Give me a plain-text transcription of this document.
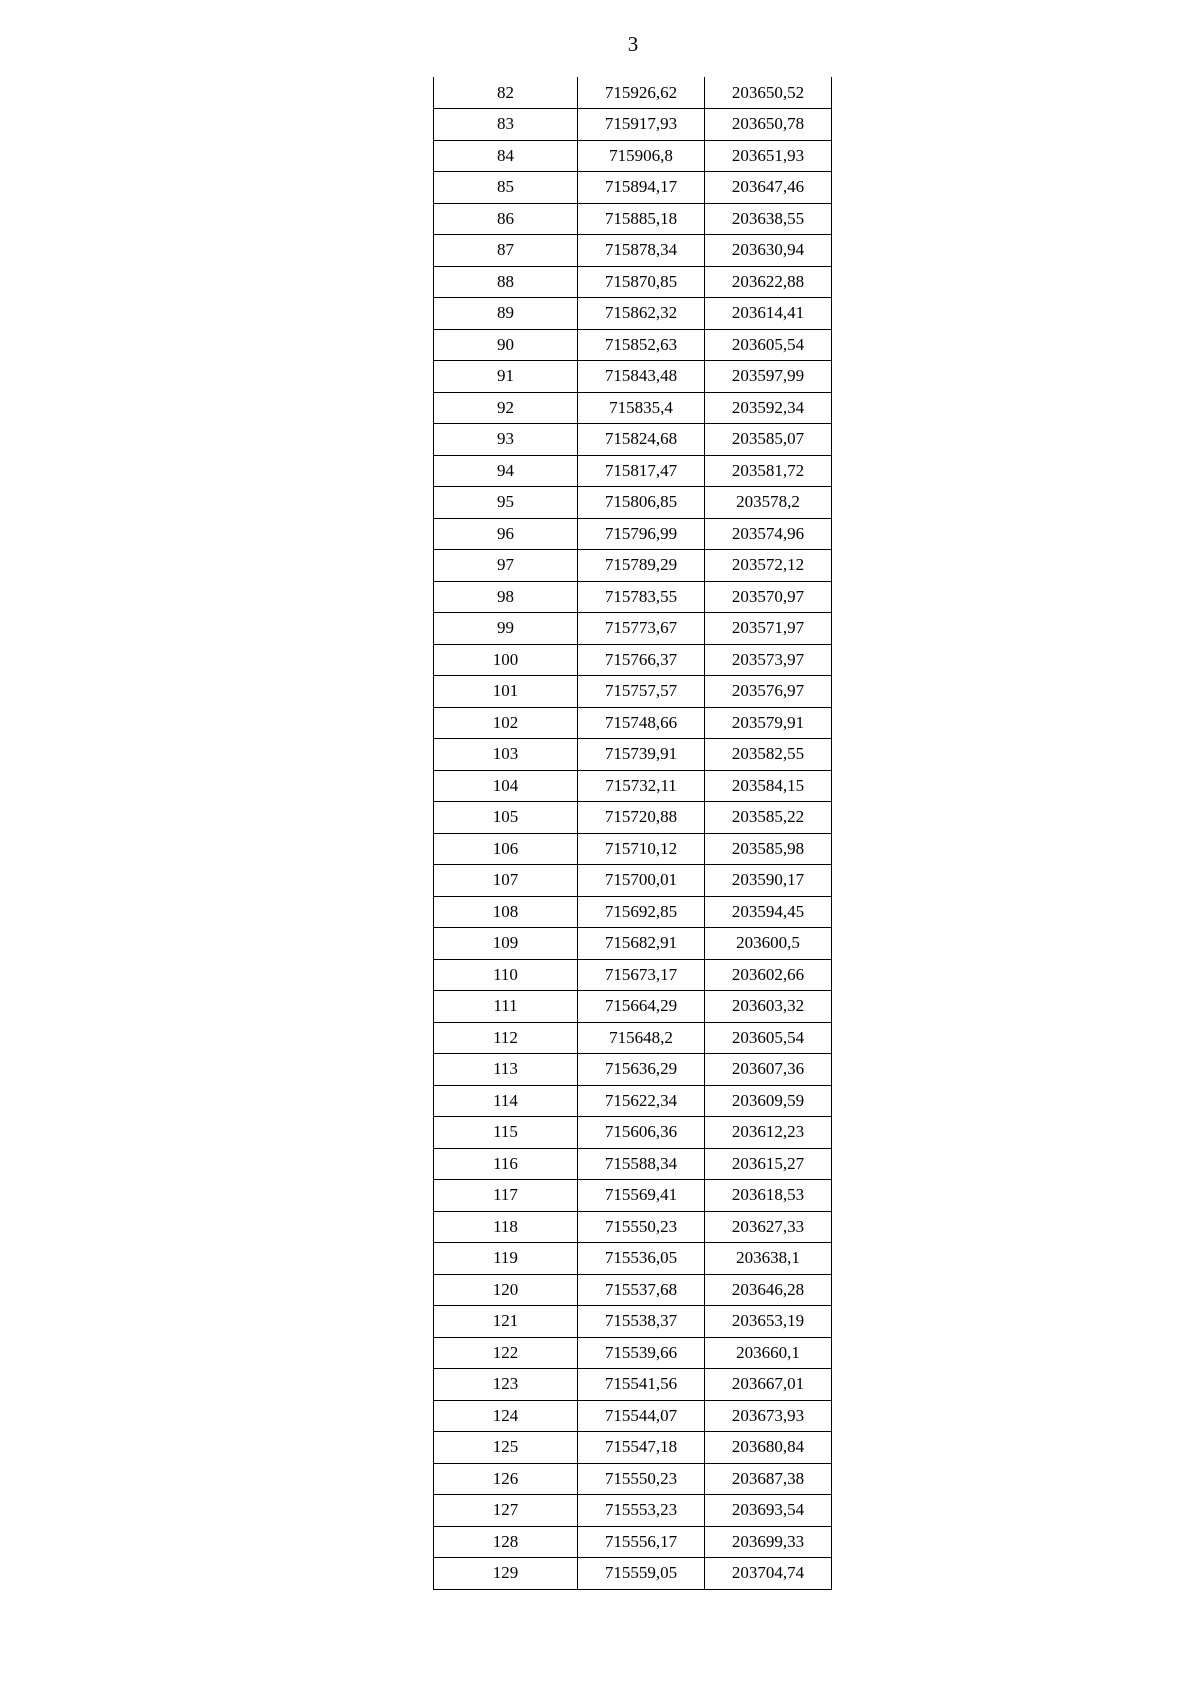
3
82	715926,62	203650,52
83	715917,93	203650,78
84	715906,8	203651,93
85	715894,17	203647,46
86	715885,18	203638,55
87	715878,34	203630,94
88	715870,85	203622,88
89	715862,32	203614,41
90	715852,63	203605,54
91	715843,48	203597,99
92	715835,4	203592,34
93	715824,68	203585,07
94	715817,47	203581,72
95	715806,85	203578,2
96	715796,99	203574,96
97	715789,29	203572,12
98	715783,55	203570,97
99	715773,67	203571,97
100	715766,37	203573,97
101	715757,57	203576,97
102	715748,66	203579,91
103	715739,91	203582,55
104	715732,11	203584,15
105	715720,88	203585,22
106	715710,12	203585,98
107	715700,01	203590,17
108	715692,85	203594,45
109	715682,91	203600,5
110	715673,17	203602,66
111	715664,29	203603,32
112	715648,2	203605,54
113	715636,29	203607,36
114	715622,34	203609,59
115	715606,36	203612,23
116	715588,34	203615,27
117	715569,41	203618,53
118	715550,23	203627,33
119	715536,05	203638,1
120	715537,68	203646,28
121	715538,37	203653,19
122	715539,66	203660,1
123	715541,56	203667,01
124	715544,07	203673,93
125	715547,18	203680,84
126	715550,23	203687,38
127	715553,23	203693,54
128	715556,17	203699,33
129	715559,05	203704,74
